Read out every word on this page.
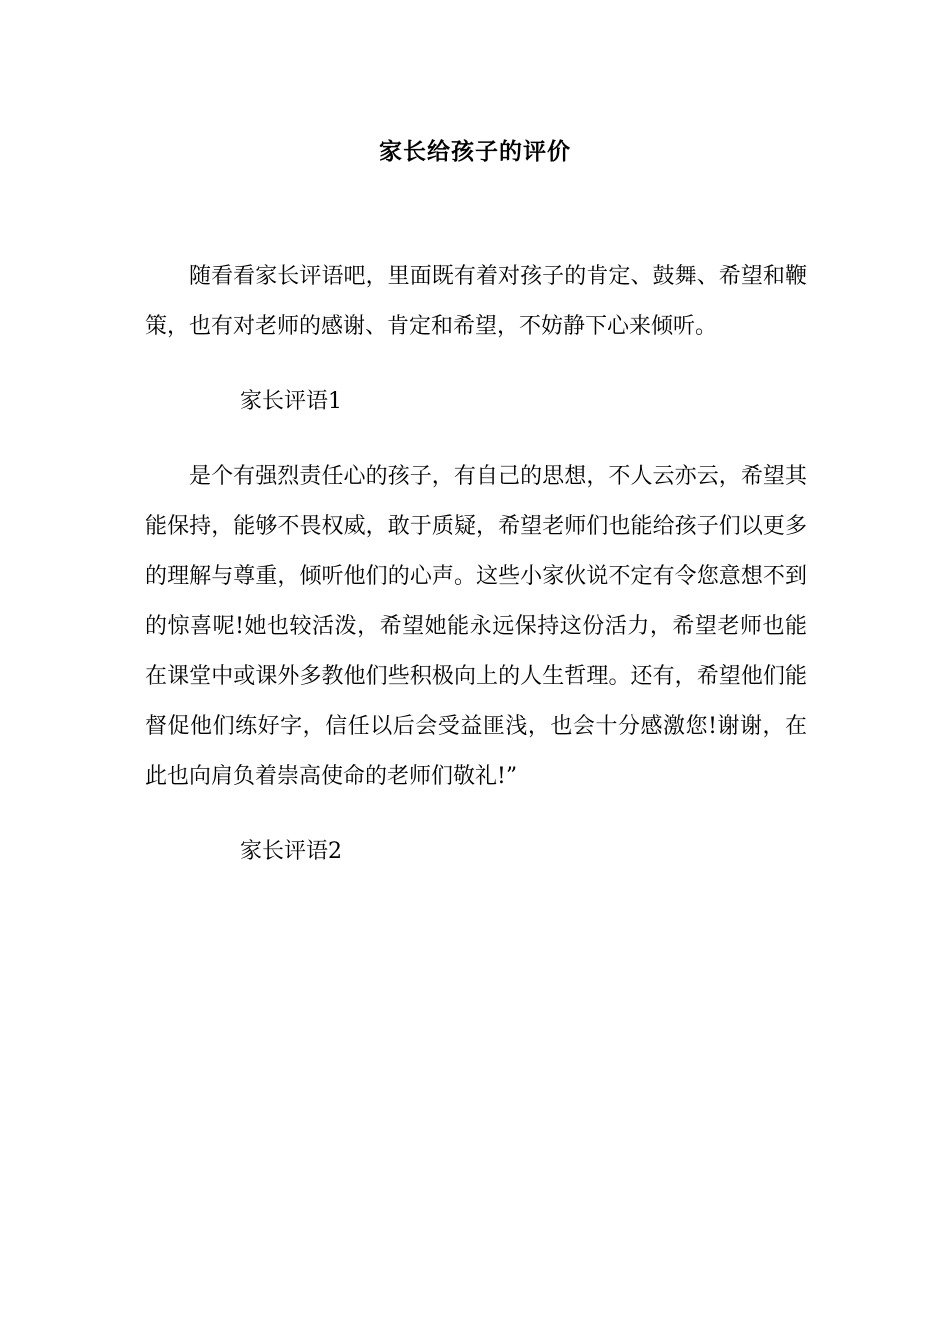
家长给孩子的评价

随看看家长评语吧，里面既有着对孩子的肯定、鼓舞、希望和鞭策，也有对老师的感谢、肯定和希望，不妨静下心来倾听。

家长评语1

是个有强烈责任心的孩子，有自己的思想，不人云亦云，希望其能保持，能够不畏权威，敢于质疑，希望老师们也能给孩子们以更多的理解与尊重，倾听他们的心声。这些小家伙说不定有令您意想不到的惊喜呢!她也较活泼，希望她能永远保持这份活力，希望老师也能在课堂中或课外多教他们些积极向上的人生哲理。还有，希望他们能督促他们练好字，信任以后会受益匪浅，也会十分感激您!谢谢，在此也向肩负着崇高使命的老师们敬礼!”

家长评语2
